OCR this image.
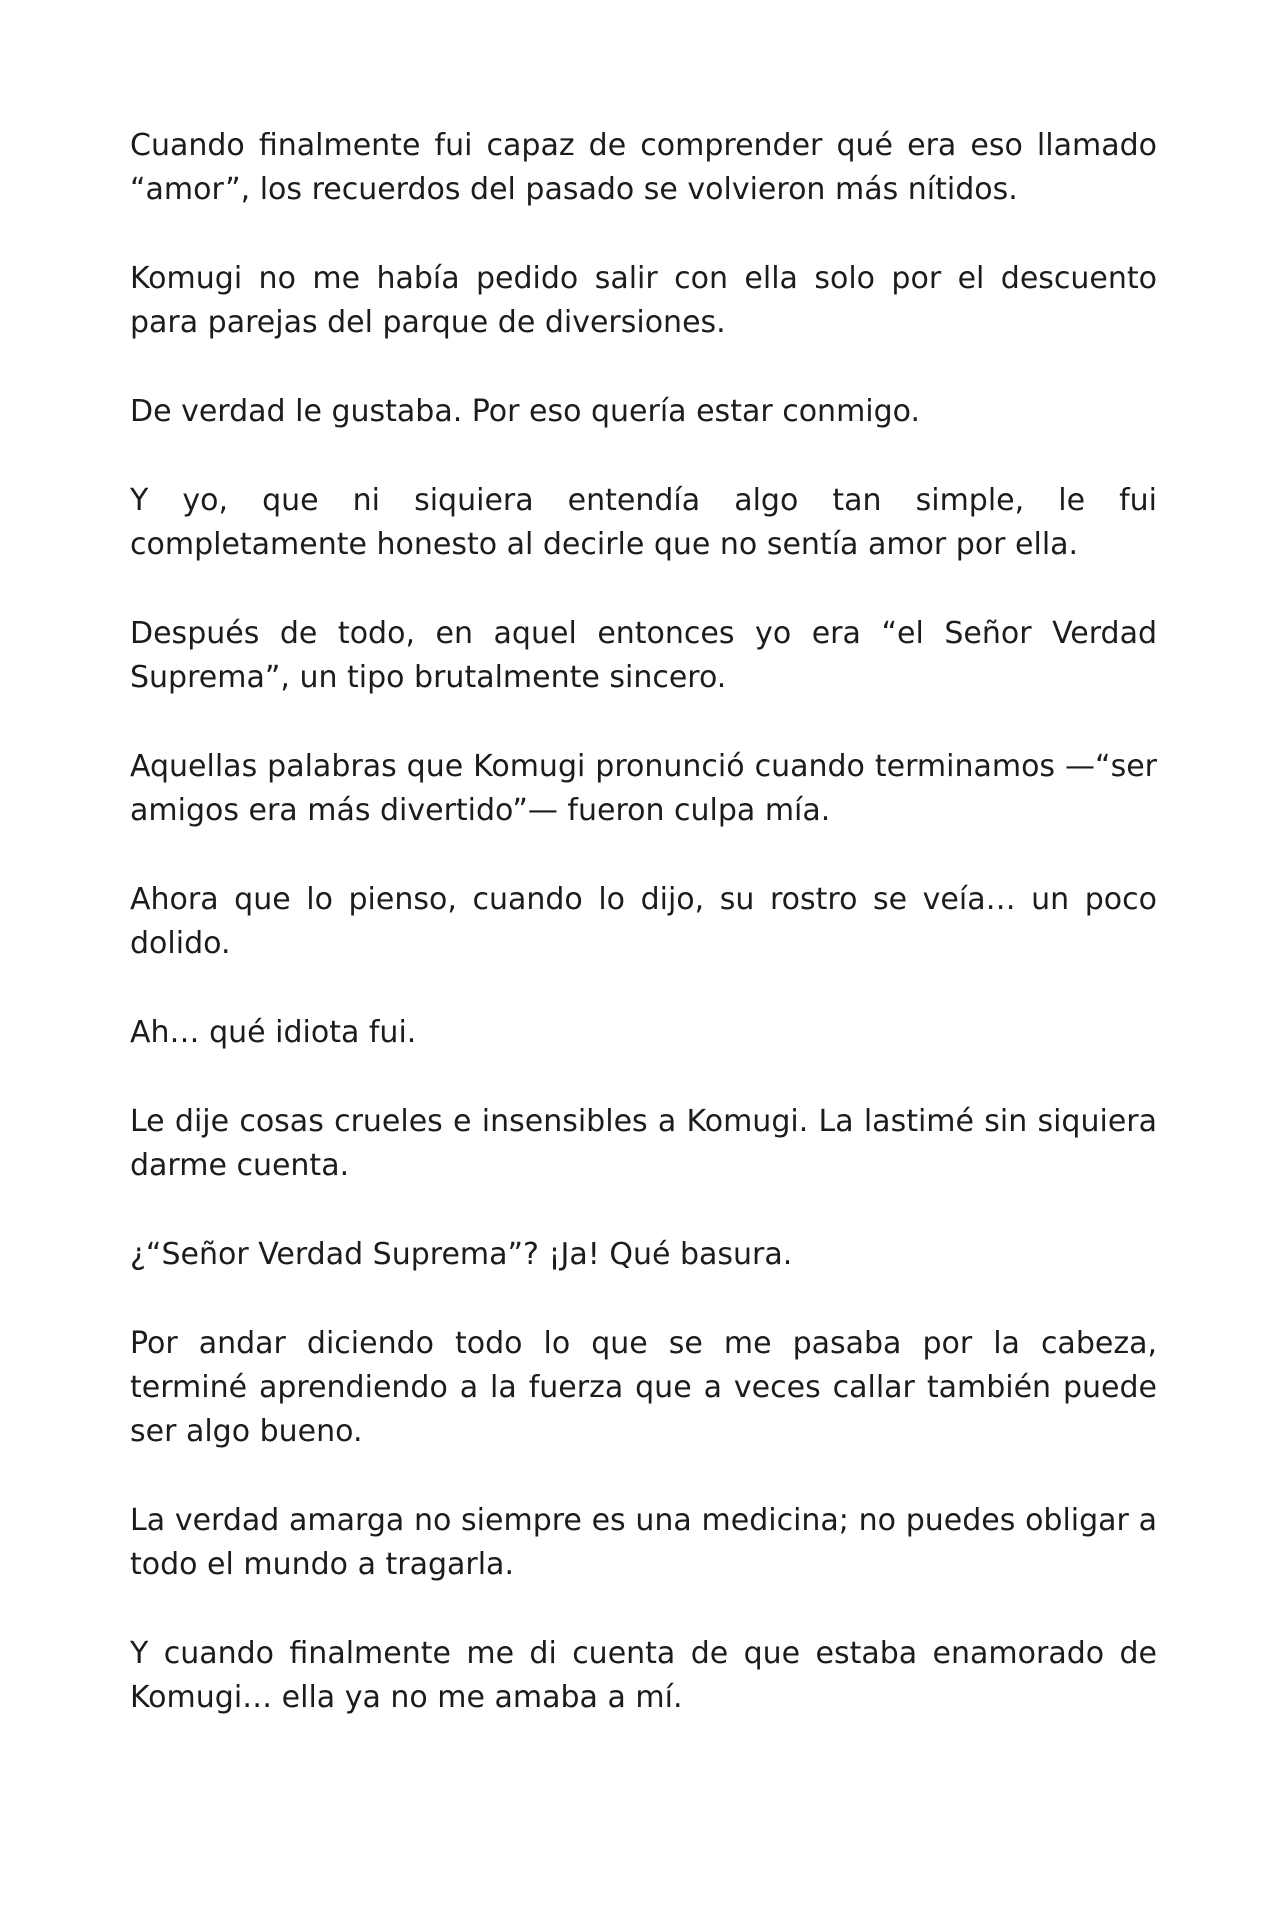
Cuando finalmente fui capaz de comprender qué era eso llamado “amor”, los recuerdos del pasado se volvieron más nítidos.

Komugi no me había pedido salir con ella solo por el descuento para parejas del parque de diversiones.

De verdad le gustaba. Por eso quería estar conmigo.

Y yo, que ni siquiera entendía algo tan simple, le fui completamente honesto al decirle que no sentía amor por ella.

Después de todo, en aquel entonces yo era “el Señor Verdad Suprema”, un tipo brutalmente sincero.

Aquellas palabras que Komugi pronunció cuando terminamos —“ser amigos era más divertido”— fueron culpa mía.

Ahora que lo pienso, cuando lo dijo, su rostro se veía… un poco dolido.

Ah… qué idiota fui.

Le dije cosas crueles e insensibles a Komugi. La lastimé sin siquiera darme cuenta.

¿“Señor Verdad Suprema”? ¡Ja! Qué basura.

Por andar diciendo todo lo que se me pasaba por la cabeza, terminé aprendiendo a la fuerza que a veces callar también puede ser algo bueno.

La verdad amarga no siempre es una medicina; no puedes obligar a todo el mundo a tragarla.

Y cuando finalmente me di cuenta de que estaba enamorado de Komugi… ella ya no me amaba a mí.
